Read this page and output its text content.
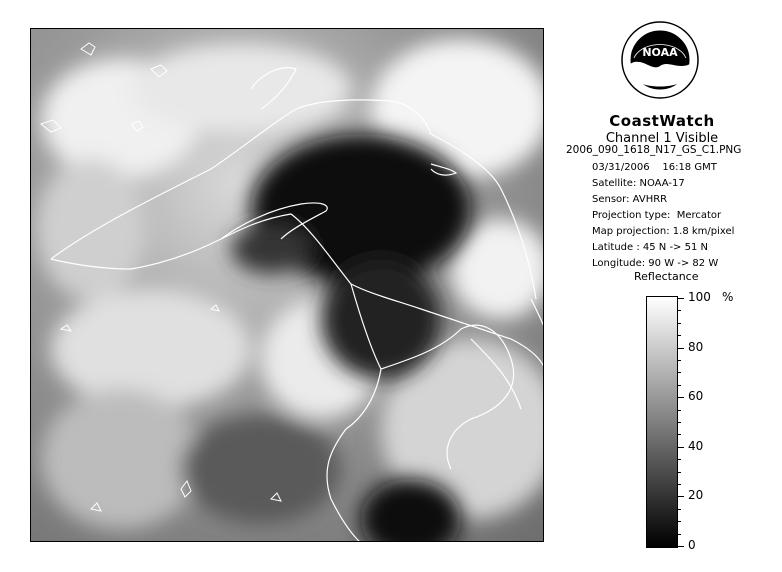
NOAA
CoastWatch
Channel 1 Visible
2006_090_1618_N17_GS_C1.PNG
03/31/2006    16:18 GMT
Satellite: NOAA-17
Sensor: AVHRR
Projection type:  Mercator
Map projection: 1.8 km/pixel
Latitude : 45 N -> 51 N
Longitude: 90 W -> 82 W
Reflectance
%
100
80
60
40
20
0
